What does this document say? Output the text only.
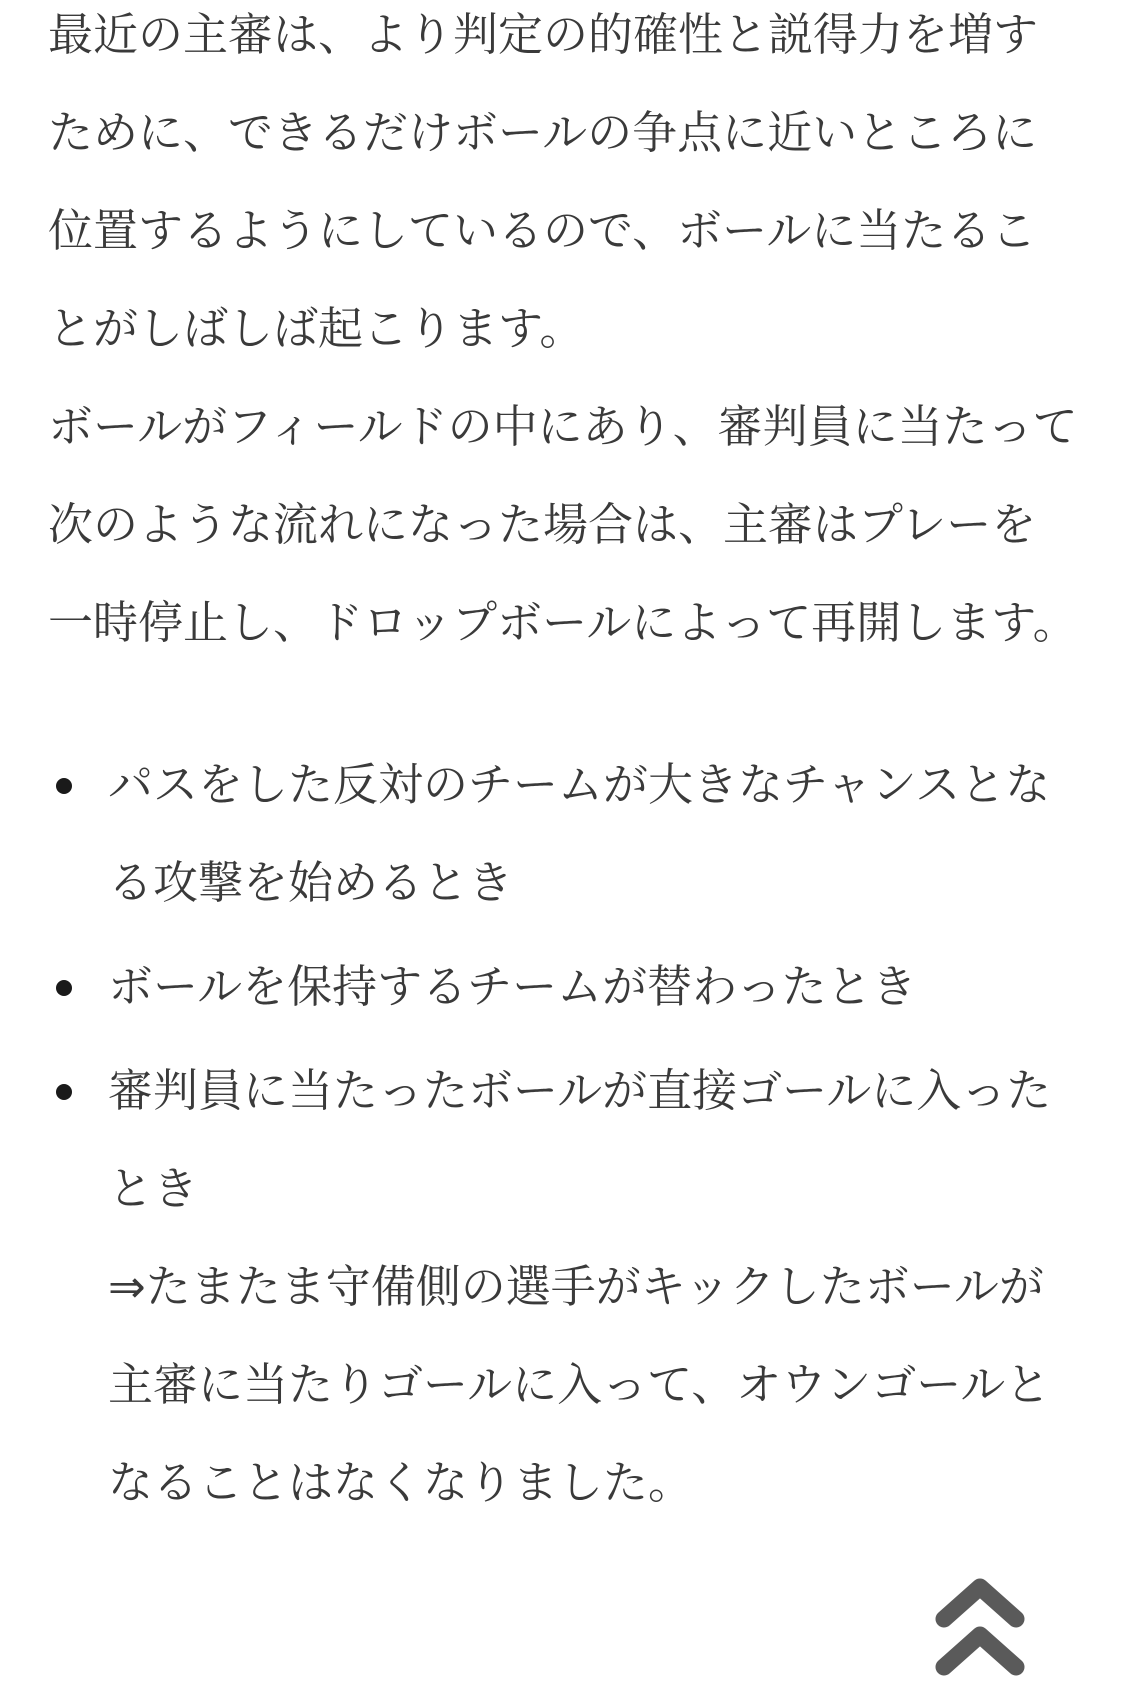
最近の主審は、より判定の的確性と説得力を増すために、できるだけボールの争点に近いところに位置するようにしているので、ボールに当たることがしばしば起こります。

ボールがフィールドの中にあり、審判員に当たって次のような流れになった場合は、主審はプレーを一時停止し、ドロップボールによって再開します。

パスをした反対のチームが大きなチャンスとなる攻撃を始めるとき
ボールを保持するチームが替わったとき
審判員に当たったボールが直接ゴールに入ったとき
⇒たまたま守備側の選手がキックしたボールが主審に当たりゴールに入って、オウンゴールとなることはなくなりました。
